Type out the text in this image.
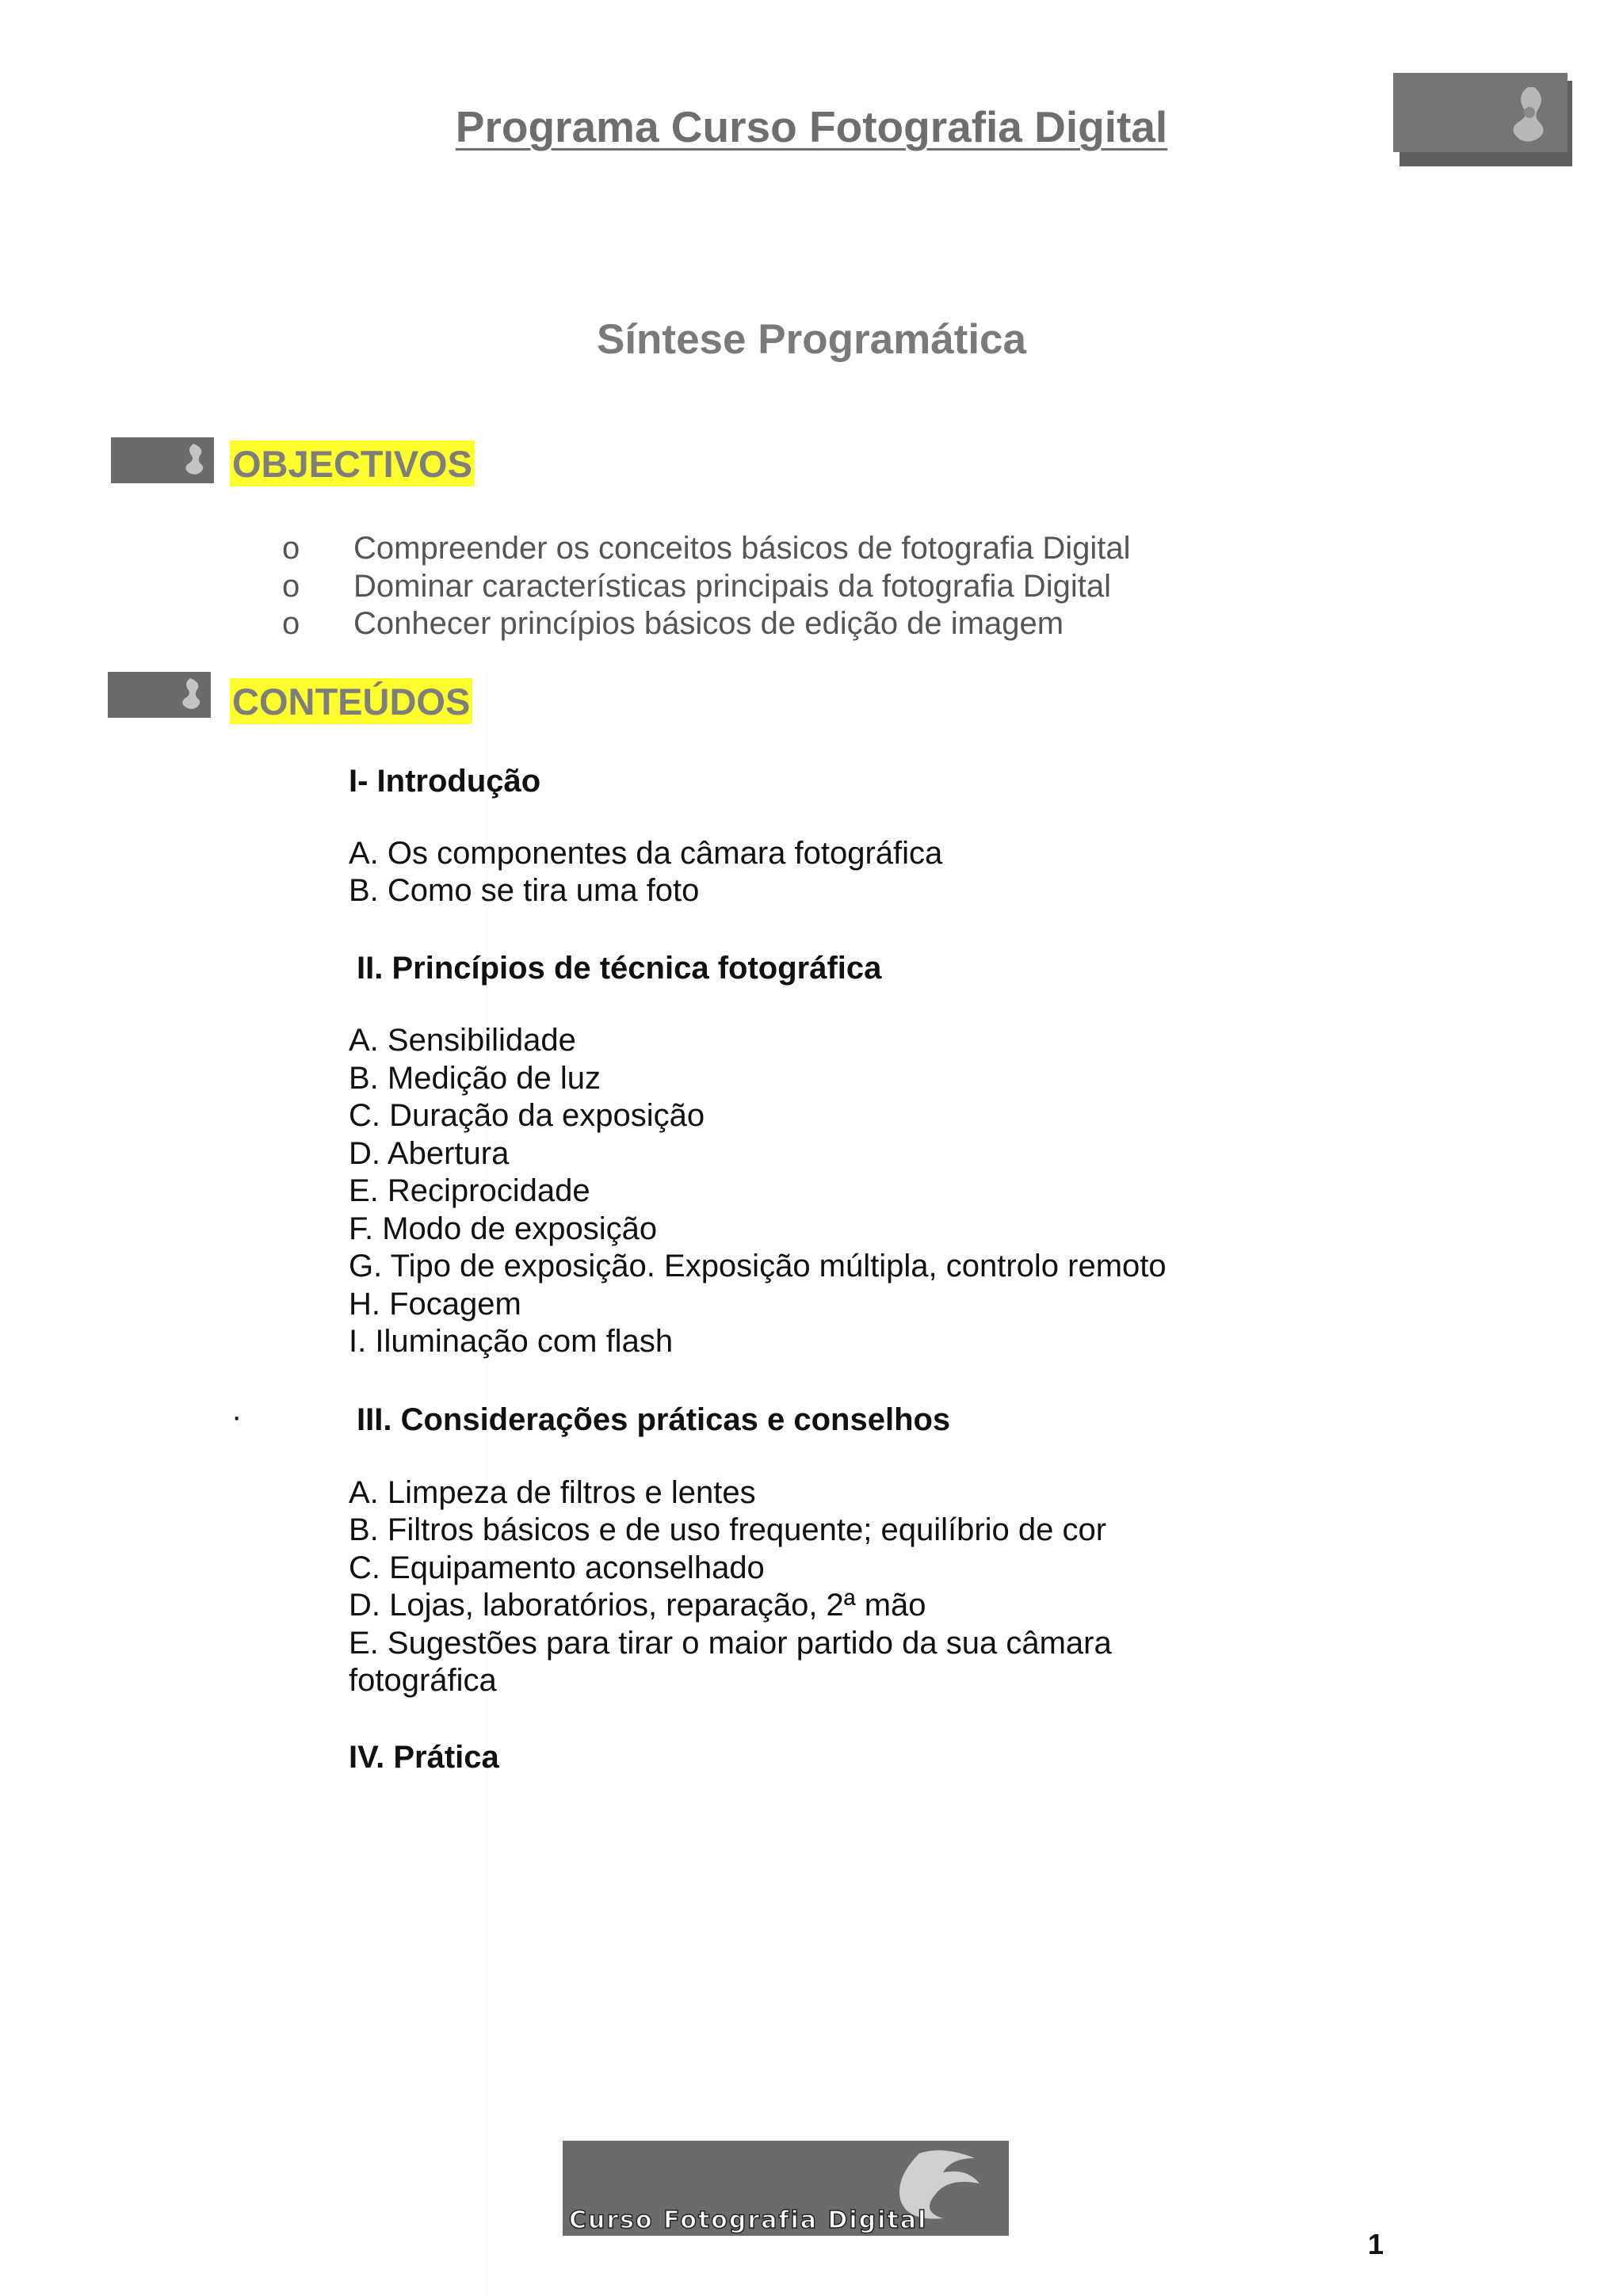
Programa Curso Fotografia Digital
Síntese Programática
OBJECTIVOS
o	Compreender os conceitos básicos de fotografia Digital
o	Dominar características principais da fotografia Digital
o	Conhecer princípios básicos de edição de imagem
CONTEÚDOS
I- Introdução
A. Os componentes da câmara fotográfica
B. Como se tira uma foto
II. Princípios de técnica fotográfica
A. Sensibilidade
B. Medição de luz
C. Duração da exposição
D. Abertura
E. Reciprocidade
F. Modo de exposição
G. Tipo de exposição. Exposição múltipla, controlo remoto
H. Focagem
I. Iluminação com flash
·	III. Considerações práticas e conselhos
A. Limpeza de filtros e lentes
B. Filtros básicos e de uso frequente; equilíbrio de cor
C. Equipamento aconselhado
D. Lojas, laboratórios, reparação, 2ª mão
E. Sugestões para tirar o maior partido da sua câmara
fotográfica
IV. Prática
Curso Fotografia Digital
1
